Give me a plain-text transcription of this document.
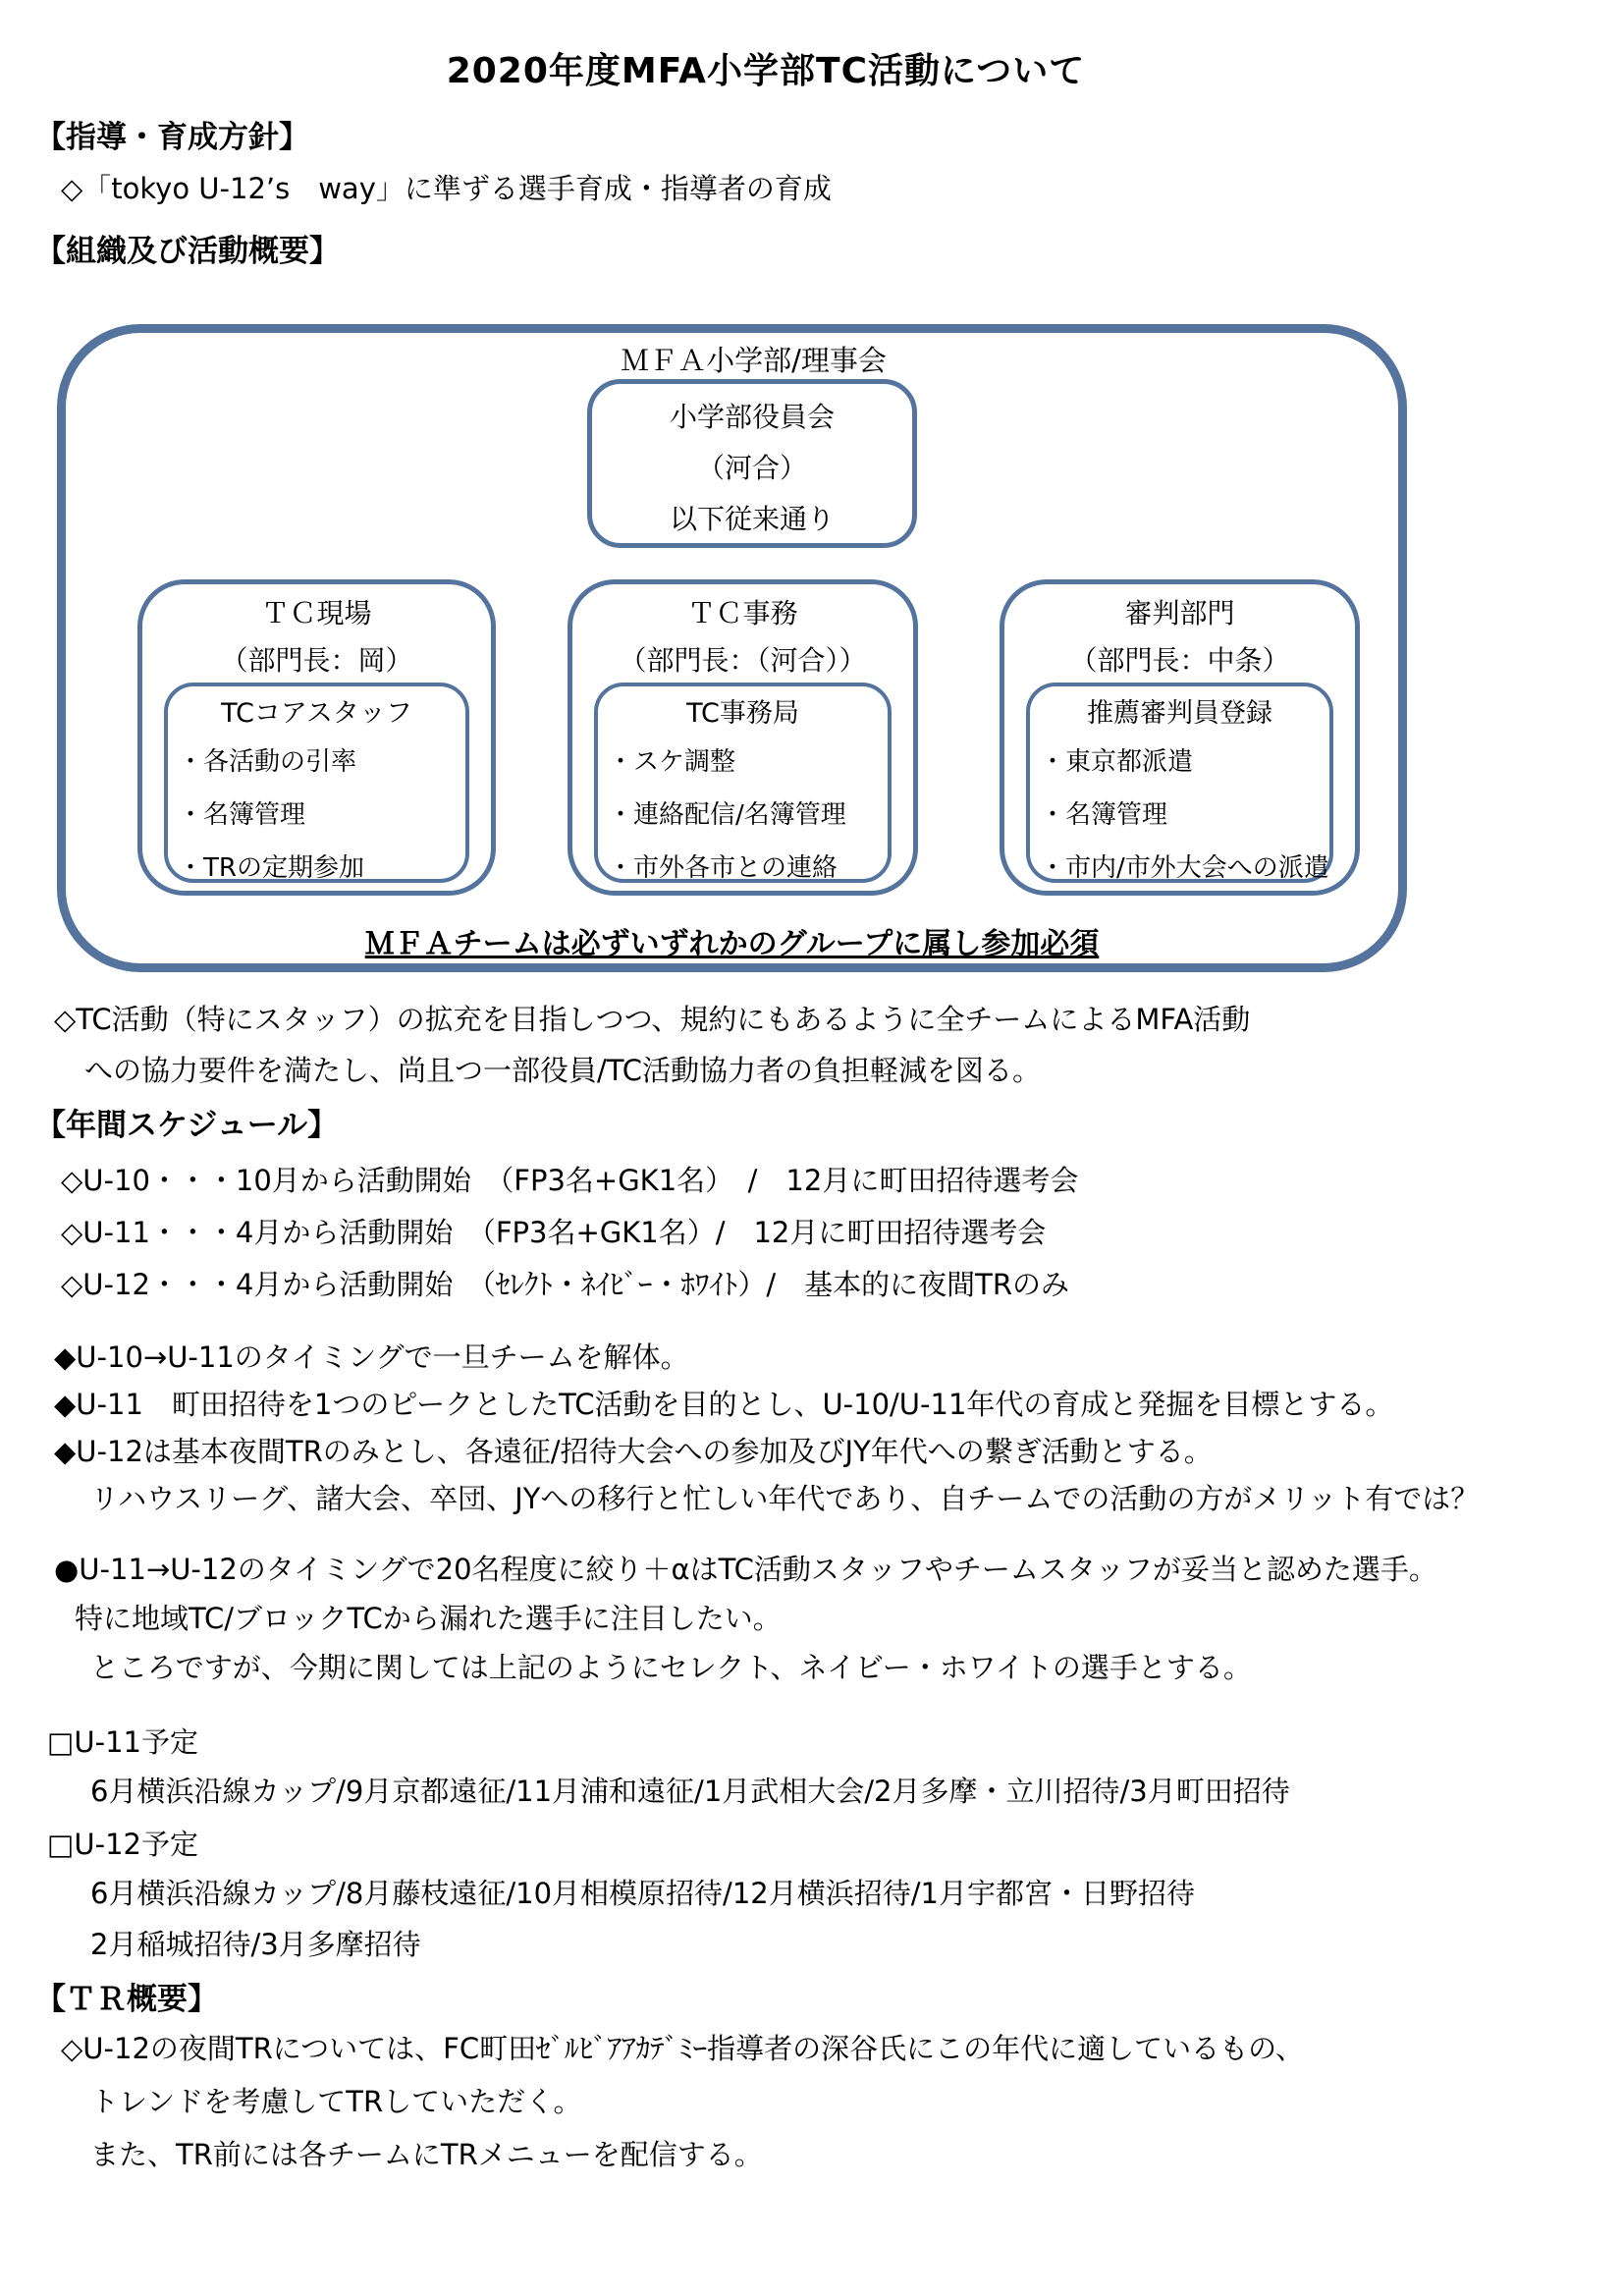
2020年度MFA小学部TC活動について
【指導・育成方針】
◇「tokyo U-12’s　way」に準ずる選手育成・指導者の育成
【組織及び活動概要】
ＭＦＡ小学部/理事会
小学部役員会
（河合）
以下従来通り
ＴＣ現場
（部門長：岡）
TCコアスタッフ
・各活動の引率
・名簿管理
・TRの定期参加
ＴＣ事務
（部門長：（河合））
TC事務局
・スケ調整
・連絡配信/名簿管理
・市外各市との連絡
審判部門
（部門長：中条）
推薦審判員登録
・東京都派遣
・名簿管理
・市内/市外大会への派遣
ＭＦＡチームは必ずいずれかのグループに属し参加必須
◇TC活動（特にスタッフ）の拡充を目指しつつ、規約にもあるように全チームによるMFA活動
への協力要件を満たし、尚且つ一部役員/TC活動協力者の負担軽減を図る。
【年間スケジュール】
◇U-10・・・10月から活動開始　（FP3名+GK1名）　/　12月に町田招待選考会
◇U-11・・・4月から活動開始　（FP3名+GK1名）/　12月に町田招待選考会
◇U-12・・・4月から活動開始　（ｾﾚｸﾄ・ﾈｲﾋﾞｰ・ﾎﾜｲﾄ）/　基本的に夜間TRのみ
◆U-10→U-11のタイミングで一旦チームを解体。
◆U-11　町田招待を1つのピークとしたTC活動を目的とし、U-10/U-11年代の育成と発掘を目標とする。
◆U-12は基本夜間TRのみとし、各遠征/招待大会への参加及びJY年代への繋ぎ活動とする。
リハウスリーグ、諸大会、卒団、JYへの移行と忙しい年代であり、自チームでの活動の方がメリット有では？
●U-11→U-12のタイミングで20名程度に絞り＋αはTC活動スタッフやチームスタッフが妥当と認めた選手。
特に地域TC/ブロックTCから漏れた選手に注目したい。
ところですが、今期に関しては上記のようにセレクト、ネイビー・ホワイトの選手とする。
□U-11予定
6月横浜沿線カップ/9月京都遠征/11月浦和遠征/1月武相大会/2月多摩・立川招待/3月町田招待
□U-12予定
6月横浜沿線カップ/8月藤枝遠征/10月相模原招待/12月横浜招待/1月宇都宮・日野招待
2月稲城招待/3月多摩招待
【ＴＲ概要】
◇U-12の夜間TRについては、FC町田ｾﾞﾙﾋﾞｱｱｶﾃﾞﾐｰ指導者の深谷氏にこの年代に適しているもの、
トレンドを考慮してTRしていただく。
また、TR前には各チームにTRメニューを配信する。
